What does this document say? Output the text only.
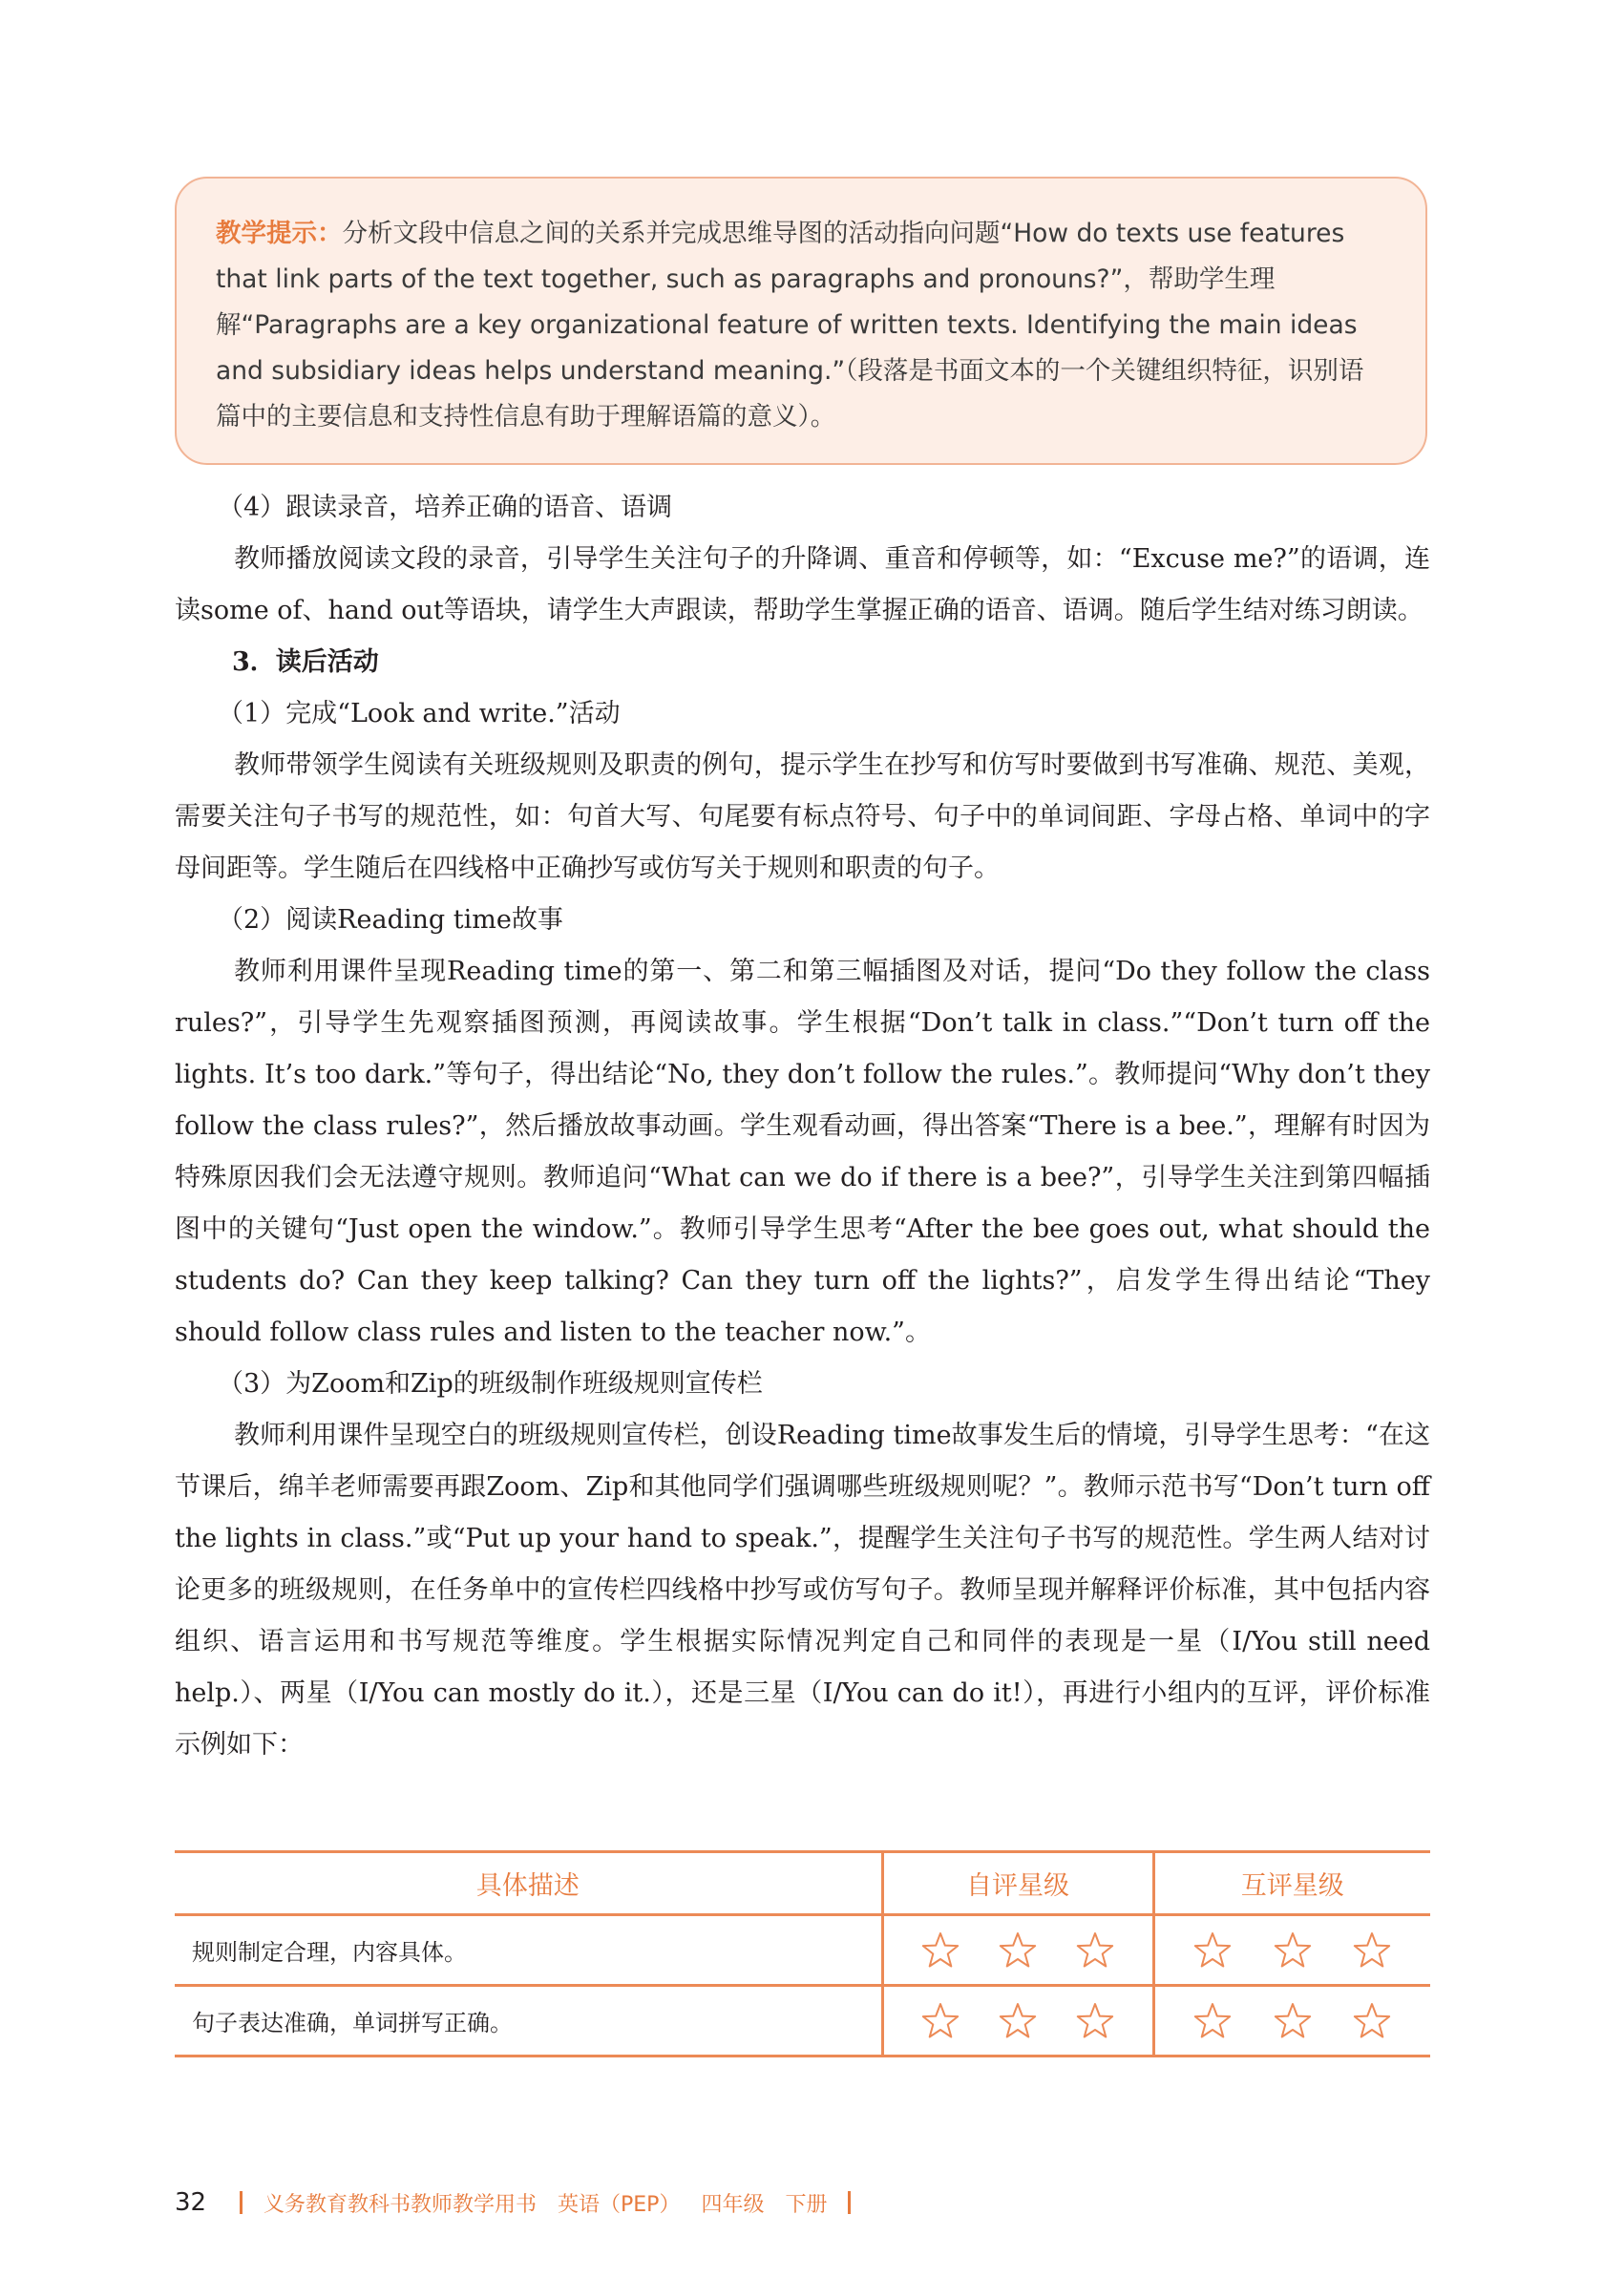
教学提示：分析文段中信息之间的关系并完成思维导图的活动指向问题“How do texts use features that link parts of the text together, such as paragraphs and pronouns?”，帮助学生理解“Paragraphs are a key organizational feature of written texts. Identifying the main ideas and subsidiary ideas helps understand meaning.”（段落是书面文本的一个关键组织特征，识别语篇中的主要信息和支持性信息有助于理解语篇的意义）。

（4）跟读录音，培养正确的语音、语调

教师播放阅读文段的录音，引导学生关注句子的升降调、重音和停顿等，如：“Excuse me?”的语调，连读some of、hand out等语块，请学生大声跟读，帮助学生掌握正确的语音、语调。随后学生结对练习朗读。

3．读后活动

（1）完成“Look and write.”活动

教师带领学生阅读有关班级规则及职责的例句，提示学生在抄写和仿写时要做到书写准确、规范、美观，需要关注句子书写的规范性，如：句首大写、句尾要有标点符号、句子中的单词间距、字母占格、单词中的字母间距等。学生随后在四线格中正确抄写或仿写关于规则和职责的句子。

（2）阅读Reading time故事

教师利用课件呈现Reading time的第一、第二和第三幅插图及对话，提问“Do they follow the class rules?”，引导学生先观察插图预测，再阅读故事。学生根据“Don’t talk in class.”“Don’t turn off the lights. It’s too dark.”等句子，得出结论“No, they don’t follow the rules.”。教师提问“Why don’t they follow the class rules?”，然后播放故事动画。学生观看动画，得出答案“There is a bee.”，理解有时因为特殊原因我们会无法遵守规则。教师追问“What can we do if there is a bee?”，引导学生关注到第四幅插图中的关键句“Just open the window.”。教师引导学生思考“After the bee goes out, what should the students do? Can they keep talking? Can they turn off the lights?”，启发学生得出结论“They should follow class rules and listen to the teacher now.”。

（3）为Zoom和Zip的班级制作班级规则宣传栏

教师利用课件呈现空白的班级规则宣传栏，创设Reading time故事发生后的情境，引导学生思考：“在这节课后，绵羊老师需要再跟Zoom、Zip和其他同学们强调哪些班级规则呢？”。教师示范书写“Don’t turn off the lights in class.”或“Put up your hand to speak.”，提醒学生关注句子书写的规范性。学生两人结对讨论更多的班级规则，在任务单中的宣传栏四线格中抄写或仿写句子。教师呈现并解释评价标准，其中包括内容组织、语言运用和书写规范等维度。学生根据实际情况判定自己和同伴的表现是一星（I/You still need help.）、两星（I/You can mostly do it.），还是三星（I/You can do it!），再进行小组内的互评，评价标准示例如下：

具体描述	自评星级	互评星级
规则制定合理，内容具体。	

句子表达准确，单词拼写正确。	

32	义务教育教科书教师教学用书 英语（PEP） 四年级 下册
